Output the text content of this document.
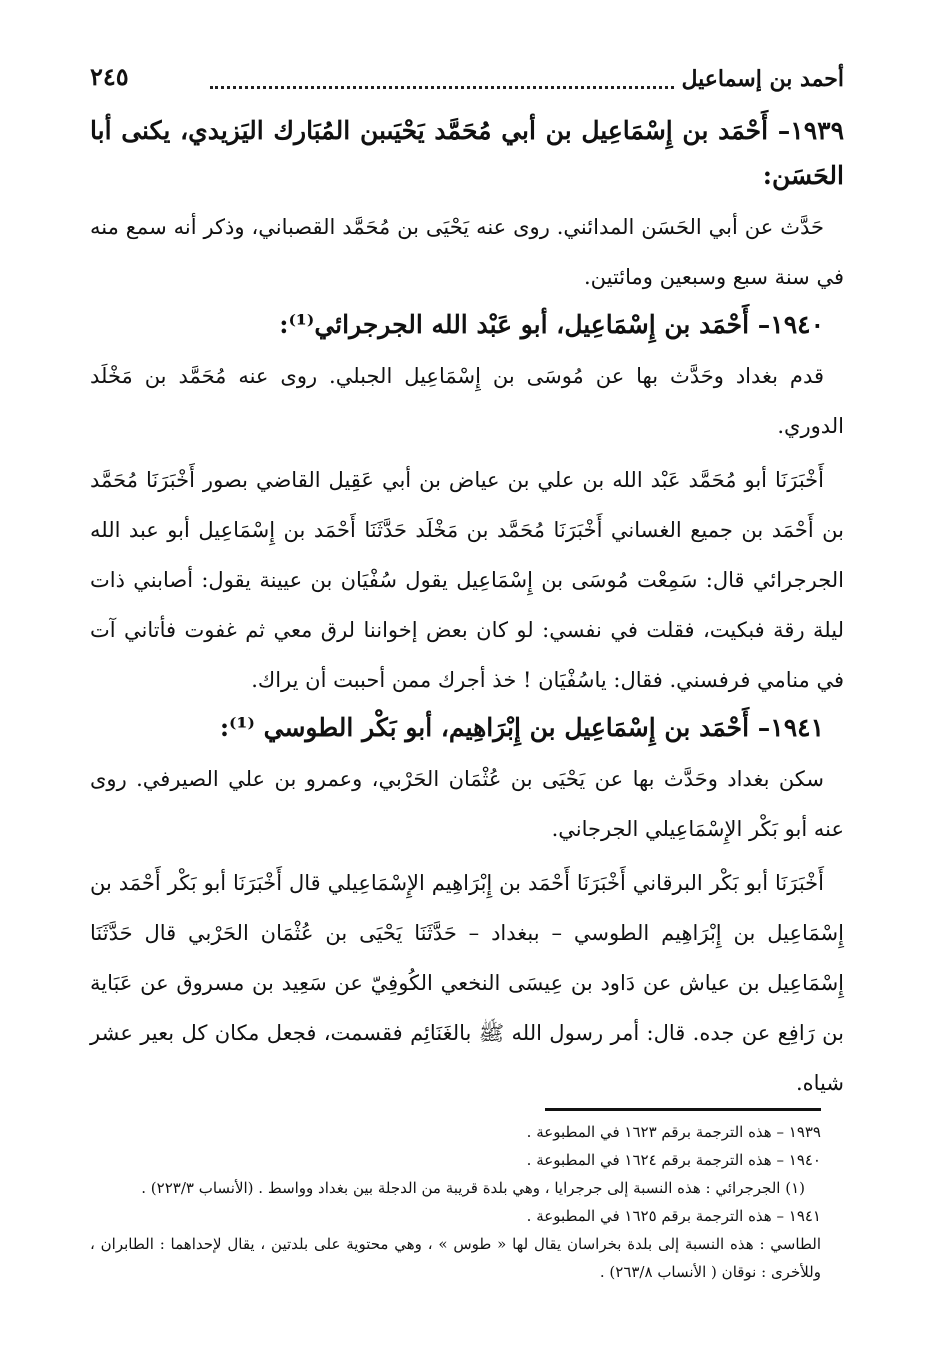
أحمد بن إسماعيل
٢٤٥

١٩٣٩– أَحْمَد بن إِسْمَاعِيل بن أبي مُحَمَّد يَحْيَىبن المُبَارك اليَزيدي، يكنى أبا الحَسَن:

حَدَّث عن أبي الحَسَن المدائني. روى عنه يَحْيَى بن مُحَمَّد القصباني، وذكر أنه سمع منه في سنة سبع وسبعين ومائتين.

١٩٤٠– أَحْمَد بن إِسْمَاعِيل، أبو عَبْد الله الجرجرائي⁽¹⁾:

قدم بغداد وحَدَّث بها عن مُوسَى بن إِسْمَاعِيل الجبلي. روى عنه مُحَمَّد بن مَخْلَد الدوري.

أَخْبَرَنَا أبو مُحَمَّد عَبْد الله بن علي بن عياض بن أبي عَقِيل القاضي بصور أَخْبَرَنَا مُحَمَّد بن أَحْمَد بن جميع الغساني أَخْبَرَنَا مُحَمَّد بن مَخْلَد حَدَّثَنَا أَحْمَد بن إِسْمَاعِيل أبو عبد الله الجرجرائي قال: سَمِعْت مُوسَى بن إِسْمَاعِيل يقول سُفْيَان بن عيينة يقول: أصابني ذات ليلة رقة فبكيت، فقلت في نفسي: لو كان بعض إخواننا لرق معي ثم غفوت فأتاني آت في منامي فرفسني. فقال: ياسُفْيَان ! خذ أجرك ممن أحببت أن يراك.

١٩٤١– أَحْمَد بن إِسْمَاعِيل بن إِبْرَاهِيم، أبو بَكْر الطوسي ⁽¹⁾:

سكن بغداد وحَدَّث بها عن يَحْيَى بن عُثْمَان الحَرْبي، وعمرو بن علي الصيرفي. روى عنه أبو بَكْر الإِسْمَاعِيلي الجرجاني.

أَخْبَرَنَا أبو بَكْر البرقاني أَخْبَرَنَا أَحْمَد بن إِبْرَاهِيم الإِسْمَاعِيلي قال أَخْبَرَنَا أبو بَكْر أَحْمَد بن إِسْمَاعِيل بن إِبْرَاهِيم الطوسي – ببغداد – حَدَّثَنَا يَحْيَى بن عُثْمَان الحَرْبي قال حَدَّثَنَا إِسْمَاعِيل بن عياش عن دَاود بن عِيسَى النخعي الكُوفِيّ عن سَعِيد بن مسروق عن عَبَاية بن رَافِع عن جده. قال: أمر رسول الله ﷺ بالغَنَائِم فقسمت، فجعل مكان كل بعير عشر شياه.

١٩٣٩ – هذه الترجمة برقم ١٦٢٣ في المطبوعة .

١٩٤٠ – هذه الترجمة برقم ١٦٢٤ في المطبوعة .

(١) الجرجرائي : هذه النسبة إلى جرجرايا ، وهي بلدة قريبة من الدجلة بين بغداد وواسط . (الأنساب ٢٢٣/٣) .

١٩٤١ – هذه الترجمة برقم ١٦٢٥ في المطبوعة .

الطاسي : هذه النسبة إلى بلدة بخراسان يقال لها « طوس » ، وهي محتوية على بلدتين ، يقال لإحداهما : الطابران ، وللأخرى : نوقان ( الأنساب ٢٦٣/٨) .
